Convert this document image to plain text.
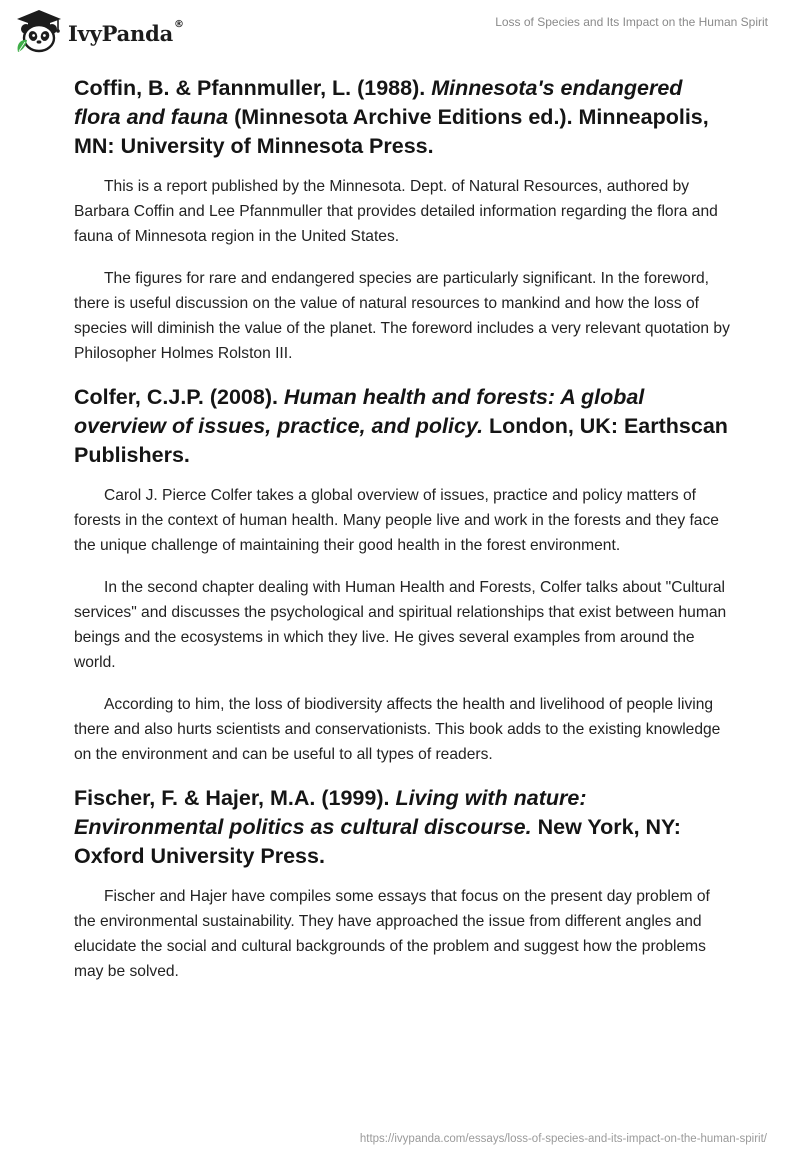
IvyPanda®	Loss of Species and Its Impact on the Human Spirit
Coffin, B. & Pfannmuller, L. (1988). Minnesota's endangered flora and fauna (Minnesota Archive Editions ed.). Minneapolis, MN: University of Minnesota Press.

This is a report published by the Minnesota. Dept. of Natural Resources, authored by Barbara Coffin and Lee Pfannmuller that provides detailed information regarding the flora and fauna of Minnesota region in the United States.

The figures for rare and endangered species are particularly significant. In the foreword, there is useful discussion on the value of natural resources to mankind and how the loss of species will diminish the value of the planet. The foreword includes a very relevant quotation by Philosopher Holmes Rolston III.

Colfer, C.J.P. (2008). Human health and forests: A global overview of issues, practice, and policy. London, UK: Earthscan Publishers.

Carol J. Pierce Colfer takes a global overview of issues, practice and policy matters of forests in the context of human health. Many people live and work in the forests and they face the unique challenge of maintaining their good health in the forest environment.

In the second chapter dealing with Human Health and Forests, Colfer talks about "Cultural services" and discusses the psychological and spiritual relationships that exist between human beings and the ecosystems in which they live. He gives several examples from around the world.

According to him, the loss of biodiversity affects the health and livelihood of people living there and also hurts scientists and conservationists. This book adds to the existing knowledge on the environment and can be useful to all types of readers.

Fischer, F. & Hajer, M.A. (1999). Living with nature: Environmental politics as cultural discourse. New York, NY: Oxford University Press.

Fischer and Hajer have compiles some essays that focus on the present day problem of the environmental sustainability. They have approached the issue from different angles and elucidate the social and cultural backgrounds of the problem and suggest how the problems may be solved.

https://ivypanda.com/essays/loss-of-species-and-its-impact-on-the-human-spirit/
